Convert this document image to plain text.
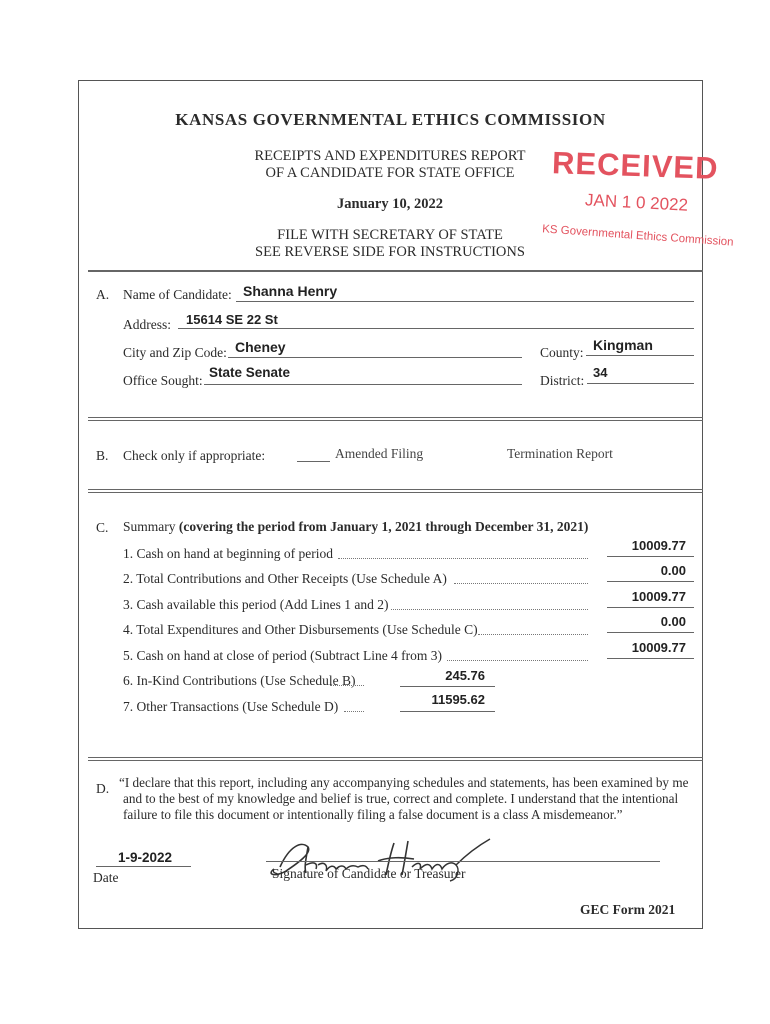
KANSAS GOVERNMENTAL ETHICS COMMISSION
RECEIPTS AND EXPENDITURES REPORT
OF A CANDIDATE FOR STATE OFFICE
January 10, 2022
FILE WITH SECRETARY OF STATE
SEE REVERSE SIDE FOR INSTRUCTIONS
RECEIVED
JAN 1 0 2022
KS Governmental Ethics Commission
A. Name of Candidate: Shanna Henry
Address: 15614 SE 22 St
City and Zip Code: Cheney	County: Kingman
Office Sought:
State Senate
District:
34
B. Check only if appropriate:	Amended Filing	Termination Report
C. Summary (covering the period from January 1, 2021 through December 31, 2021)
1. Cash on hand at beginning of period
10009.77
2. Total Contributions and Other Receipts (Use Schedule A)
0.00
3. Cash available this period (Add Lines 1 and 2)
10009.77
4. Total Expenditures and Other Disbursements (Use Schedule C)
0.00
5. Cash on hand at close of period (Subtract Line 4 from 3)
10009.77
6. In-Kind Contributions (Use Schedule B)	245.76
7. Other Transactions (Use Schedule D)	11595.62
D. “I declare that this report, including any accompanying schedules and statements, has been examined by me
and to the best of my knowledge and belief is true, correct and complete. I understand that the intentional
failure to file this document or intentionally filing a false document is a class A misdemeanor.”
1-9-2022
Date	Signature of Candidate or Treasurer
GEC Form 2021
